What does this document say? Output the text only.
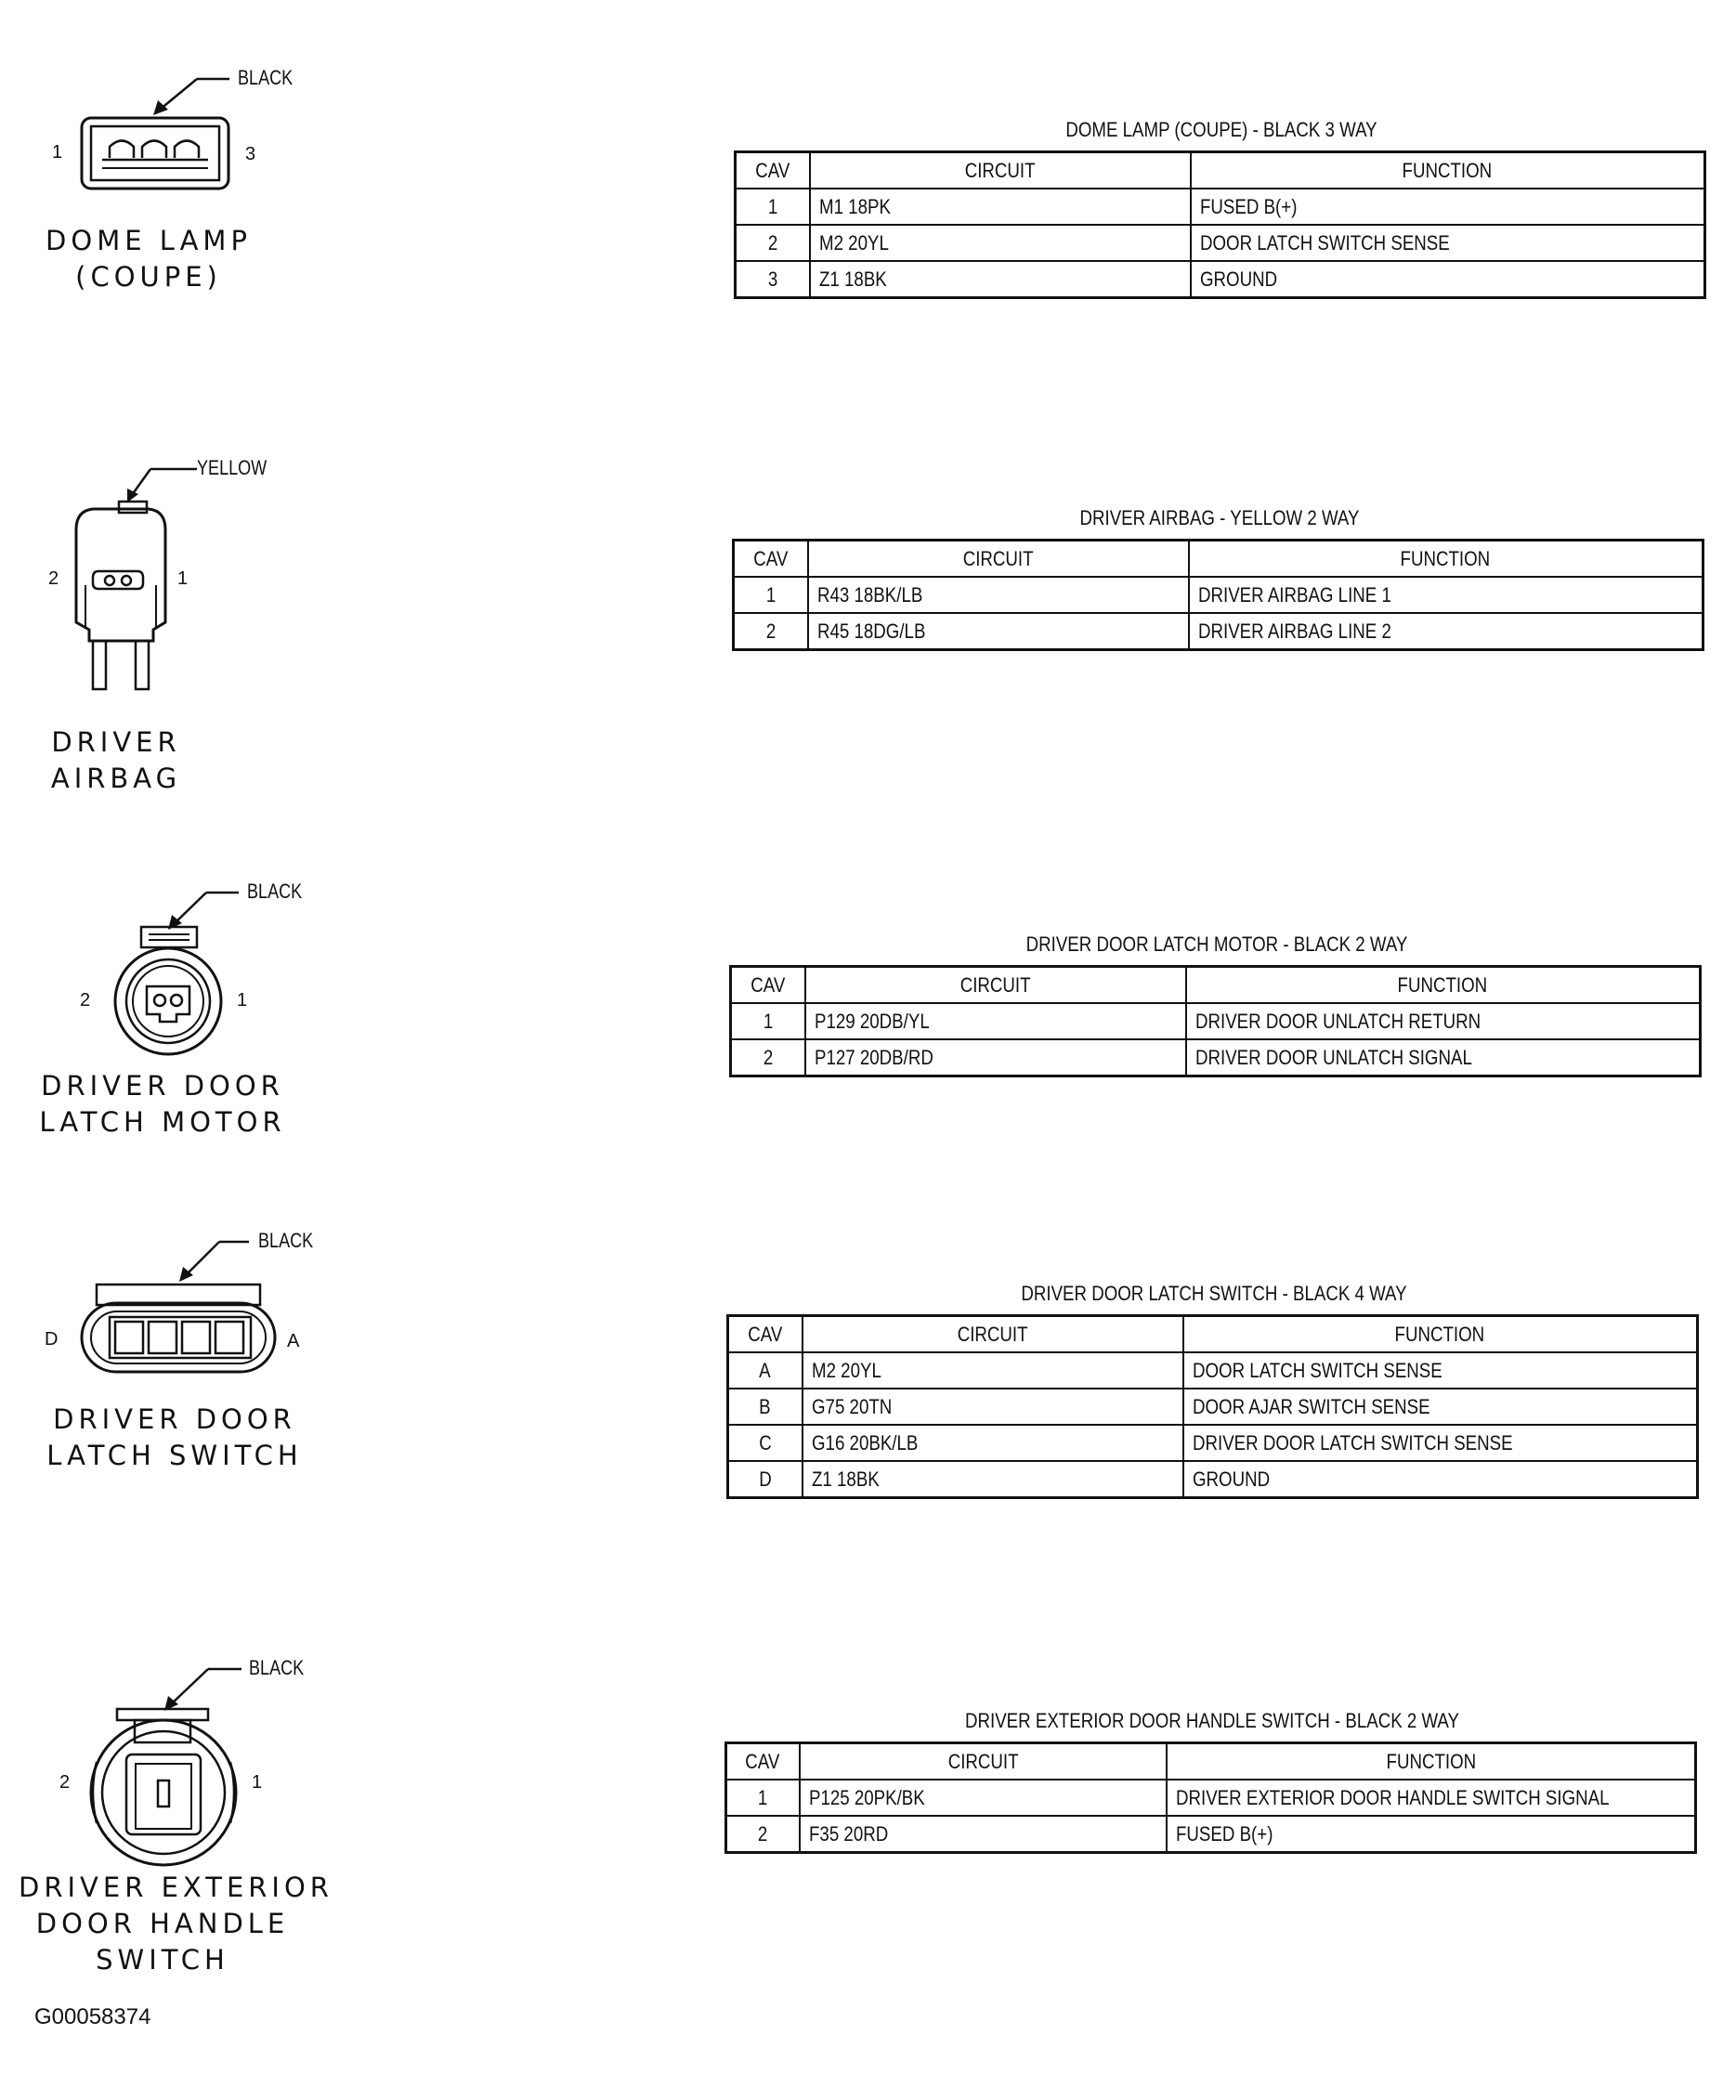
BLACK
1	3
DOME LAMP
(COUPE)
DOME LAMP (COUPE) - BLACK 3 WAY
CAV	CIRCUIT	FUNCTION
1	M1 18PK	FUSED B(+)
2	M2 20YL	DOOR LATCH SWITCH SENSE
3	Z1 18BK	GROUND
YELLOW
2	1
DRIVER
AIRBAG
DRIVER AIRBAG - YELLOW 2 WAY
CAV	CIRCUIT	FUNCTION
1	R43 18BK/LB	DRIVER AIRBAG LINE 1
2	R45 18DG/LB	DRIVER AIRBAG LINE 2
BLACK
2	1
DRIVER DOOR
LATCH MOTOR
DRIVER DOOR LATCH MOTOR - BLACK 2 WAY
CAV	CIRCUIT	FUNCTION
1	P129 20DB/YL	DRIVER DOOR UNLATCH RETURN
2	P127 20DB/RD	DRIVER DOOR UNLATCH SIGNAL
BLACK
D	A
DRIVER DOOR
LATCH SWITCH
DRIVER DOOR LATCH SWITCH - BLACK 4 WAY
CAV	CIRCUIT	FUNCTION
A	M2 20YL	DOOR LATCH SWITCH SENSE
B	G75 20TN	DOOR AJAR SWITCH SENSE
C	G16 20BK/LB	DRIVER DOOR LATCH SWITCH SENSE
D	Z1 18BK	GROUND
BLACK
2	1
DRIVER EXTERIOR
DOOR HANDLE
SWITCH
DRIVER EXTERIOR DOOR HANDLE SWITCH - BLACK 2 WAY
CAV	CIRCUIT	FUNCTION
1	P125 20PK/BK	DRIVER EXTERIOR DOOR HANDLE SWITCH SIGNAL
2	F35 20RD	FUSED B(+)
G00058374
